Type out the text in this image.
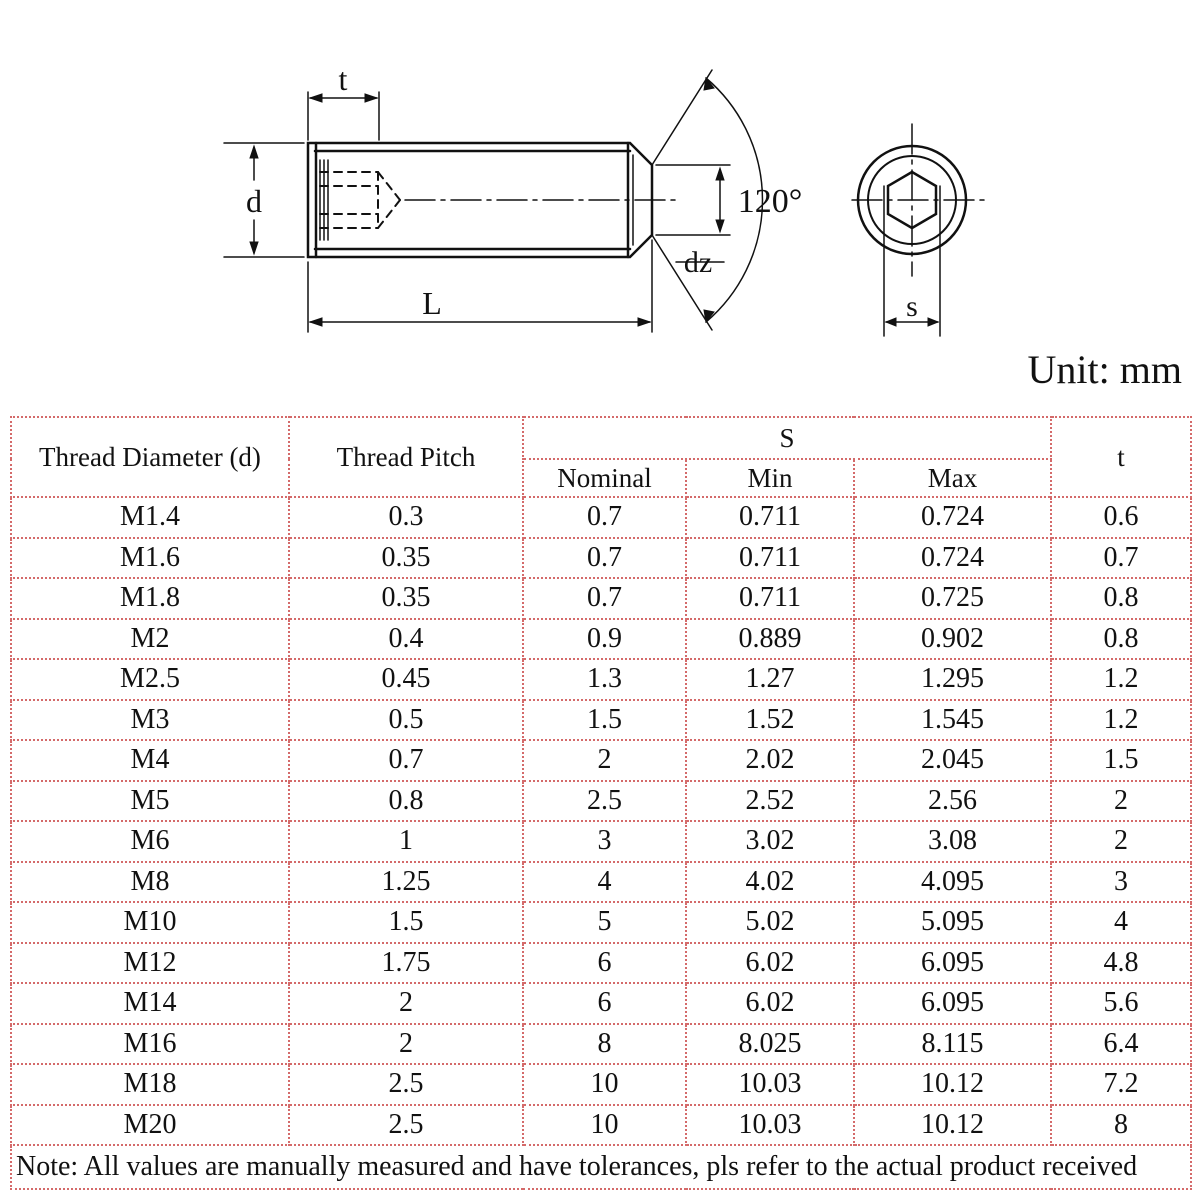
t
d
L
dz
120°
s
Unit: mm
Thread Diameter (d)	Thread Pitch	S			t
		Nominal	Min	Max	
M1.4	0.3	0.7	0.711	0.724	0.6
M1.6	0.35	0.7	0.711	0.724	0.7
M1.8	0.35	0.7	0.711	0.725	0.8
M2	0.4	0.9	0.889	0.902	0.8
M2.5	0.45	1.3	1.27	1.295	1.2
M3	0.5	1.5	1.52	1.545	1.2
M4	0.7	2	2.02	2.045	1.5
M5	0.8	2.5	2.52	2.56	2
M6	1	3	3.02	3.08	2
M8	1.25	4	4.02	4.095	3
M10	1.5	5	5.02	5.095	4
M12	1.75	6	6.02	6.095	4.8
M14	2	6	6.02	6.095	5.6
M16	2	8	8.025	8.115	6.4
M18	2.5	10	10.03	10.12	7.2
M20	2.5	10	10.03	10.12	8
Note: All values are manually measured and have tolerances, pls refer to the actual product received					
